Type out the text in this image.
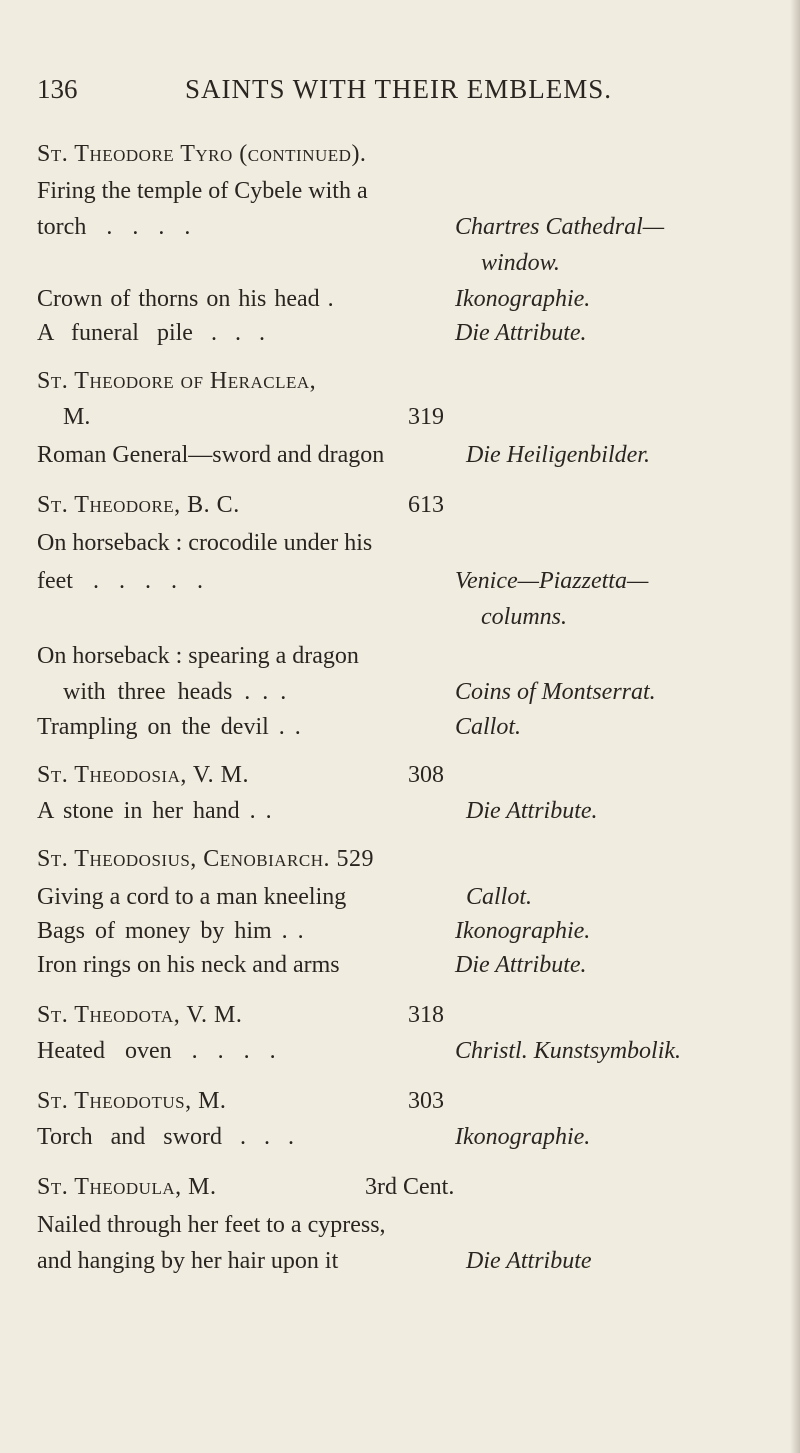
136	SAINTS WITH THEIR EMBLEMS.
St. Theodore Tyro (continued).
Firing the temple of Cybele with a
torch . . . .	Chartres Cathedral—
window.
Crown of thorns on his head .	Ikonographie.
A funeral pile . . .	Die Attribute.
St. Theodore of Heraclea,
M.	319
Roman General—sword and dragon	Die Heiligenbilder.
St. Theodore, B. C.	613
On horseback : crocodile under his
feet . . . . .	Venice—Piazzetta—
columns.
On horseback : spearing a dragon
with three heads . . .	Coins of Montserrat.
Trampling on the devil . .	Callot.
St. Theodosia, V. M.	308
A stone in her hand . .	Die Attribute.
St. Theodosius, Cenobiarch. 529
Giving a cord to a man kneeling	Callot.
Bags of money by him . .	Ikonographie.
Iron rings on his neck and arms	Die Attribute.
St. Theodota, V. M.	318
Heated oven . . . .	Christl. Kunstsymbolik.
St. Theodotus, M.	303
Torch and sword . . .	Ikonographie.
St. Theodula, M.	3rd Cent.
Nailed through her feet to a cypress,
and hanging by her hair upon it	Die Attribute
